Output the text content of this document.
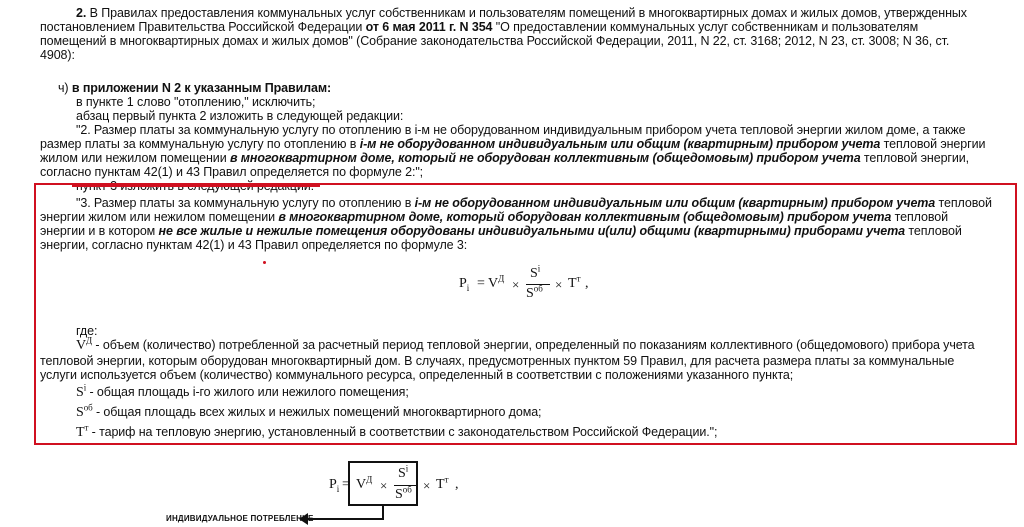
2. В Правилах предоставления коммунальных услуг собственникам и пользователям помещений в многоквартирных домах и жилых домов, утвержденных
постановлением Правительства Российской Федерации от 6 мая 2011 г. N 354 "О предоставлении коммунальных услуг собственникам и пользователям
помещений в многоквартирных домах и жилых домов" (Собрание законодательства Российской Федерации, 2011, N 22, ст. 3168; 2012, N 23, ст. 3008; N 36, ст.
4908):
ч) в приложении N 2 к указанным Правилам:
в пункте 1 слово "отоплению," исключить;
абзац первый пункта 2 изложить в следующей редакции:
"2. Размер платы за коммунальную услугу по отоплению в i-м не оборудованном индивидуальным прибором учета тепловой энергии жилом доме, а также
размер платы за коммунальную услугу по отоплению в i-м не оборудованном индивидуальным или общим (квартирным) прибором учета тепловой энергии
жилом или нежилом помещении в многоквартирном доме, который не оборудован коллективным (общедомовым) прибором учета тепловой энергии,
согласно пунктам 42(1) и 43 Правил определяется по формуле 2:";
пункт 3 изложить в следующей редакции:
"3. Размер платы за коммунальную услугу по отоплению в i-м не оборудованном индивидуальным или общим (квартирным) прибором учета тепловой
энергии жилом или нежилом помещении в многоквартирном доме, который оборудован коллективным (общедомовым) прибором учета тепловой
энергии и в котором не все жилые и нежилые помещения оборудованы индивидуальными и(или) общими (квартирными) приборами учета тепловой
энергии, согласно пунктам 42(1) и 43 Правил определяется по формуле 3:
$P_i = V^Д$ ×
$S^i$
$S^{об} \times T^т$ ,
где:
$V^Д$ - объем (количество) потребленной за расчетный период тепловой энергии, определенный по показаниям коллективного (общедомового) прибора учета
тепловой энергии, которым оборудован многоквартирный дом. В случаях, предусмотренных пунктом 59 Правил, для расчета размера платы за коммунальные
услуги используется объем (количество) коммунального ресурса, определенный в соответствии с положениями указанного пункта;
$S^i$ - общая площадь i-го жилого или нежилого помещения;
$S^{об}$ - общая площадь всех жилых и нежилых помещений многоквартирного дома;
$T^т$ - тариф на тепловую энергию, установленный в соответствии с законодательством Российской Федерации.";
$P_i = V^Д$ ×
$S^i$
$S^{об} \times T^т$ ,
ИНДИВИДУАЛЬНОЕ ПОТРЕБЛЕНИЕ
